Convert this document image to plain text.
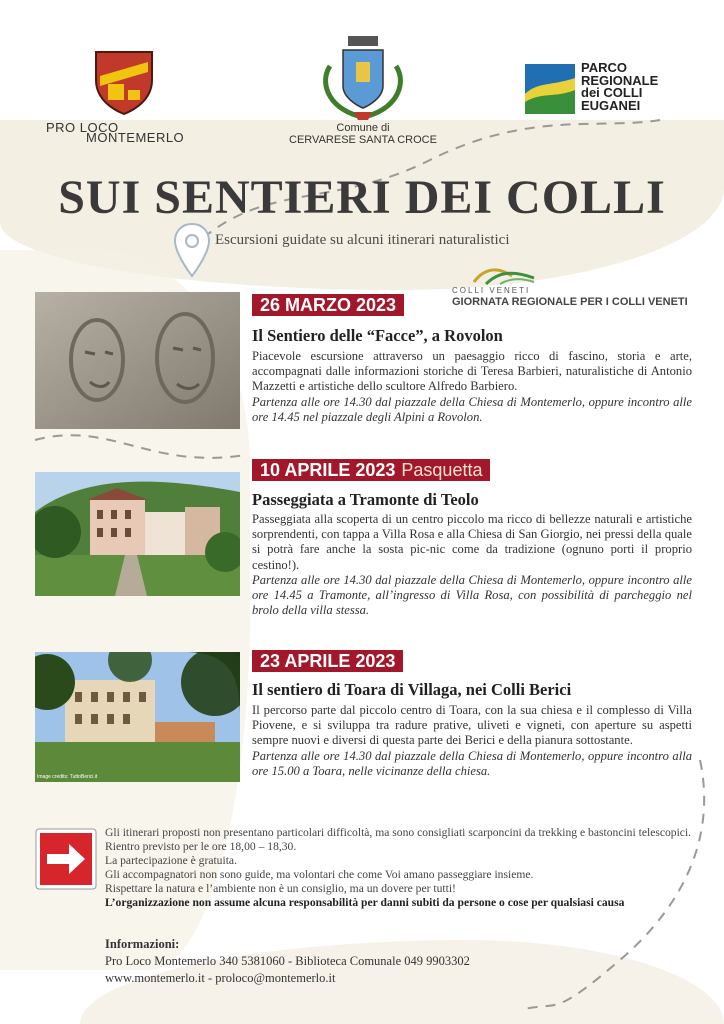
PRO LOCO
MONTEMERLO
Comune di
CERVARESE SANTA CROCE
PARCO
REGIONALE
dei COLLI
EUGANEI
SUI SENTIERI DEI COLLI
Escursioni guidate su alcuni itinerari naturalistici
COLLI VENETI
GIORNATA REGIONALE PER I COLLI VENETI
26 MARZO 2023
Il Sentiero delle “Facce”, a Rovolon
Piacevole escursione attraverso un paesaggio ricco di fascino, storia e arte, accompagnati dalle informazioni storiche di Teresa Barbieri, naturalistiche di Antonio Mazzetti e artistiche dello scultore Alfredo Barbiero.
Partenza alle ore 14.30 dal piazzale della Chiesa di Montemerlo, oppure incontro alle ore 14.45 nel piazzale degli Alpini a Rovolon.
10 APRILE 2023 Pasquetta
Passeggiata a Tramonte di Teolo
Passeggiata alla scoperta di un centro piccolo ma ricco di bellezze naturali e artistiche sorprendenti, con tappa a Villa Rosa e alla Chiesa di San Giorgio, nei pressi della quale si potrà fare anche la sosta pic-nic come da tradizione (ognuno porti il proprio cestino!).
Partenza alle ore 14.30 dal piazzale della Chiesa di Montemerlo, oppure incontro alle ore 14.45 a Tramonte, all’ingresso di Villa Rosa, con possibilità di parcheggio nel brolo della villa stessa.
Image credits: TuttoBerici.it
23 APRILE 2023
Il sentiero di Toara di Villaga, nei Colli Berici
Il percorso parte dal piccolo centro di Toara, con la sua chiesa e il complesso di Villa Piovene, e si sviluppa tra radure prative, uliveti e vigneti, con aperture su aspetti sempre nuovi e diversi di questa parte dei Berici e della pianura sottostante.
Partenza alle ore 14.30 dal piazzale della Chiesa di Montemerlo, oppure incontro alla ore 15.00 a Toara, nelle vicinanze della chiesa.

Gli itinerari proposti non presentano particolari difficoltà, ma sono consigliati scarponcini da trekking e bastoncini telescopici. Rientro previsto per le ore 18,00 – 18,30.

La partecipazione è gratuita.

Gli accompagnatori non sono guide, ma volontari che come Voi amano passeggiare insieme.

Rispettare la natura e l’ambiente non è un consiglio, ma un dovere per tutti!

L’organizzazione non assume alcuna responsabilità per danni subiti da persone o cose per qualsiasi causa

Informazioni:

Pro Loco Montemerlo 340 5381060 - Biblioteca Comunale 049 9903302

www.montemerlo.it - proloco@montemerlo.it
